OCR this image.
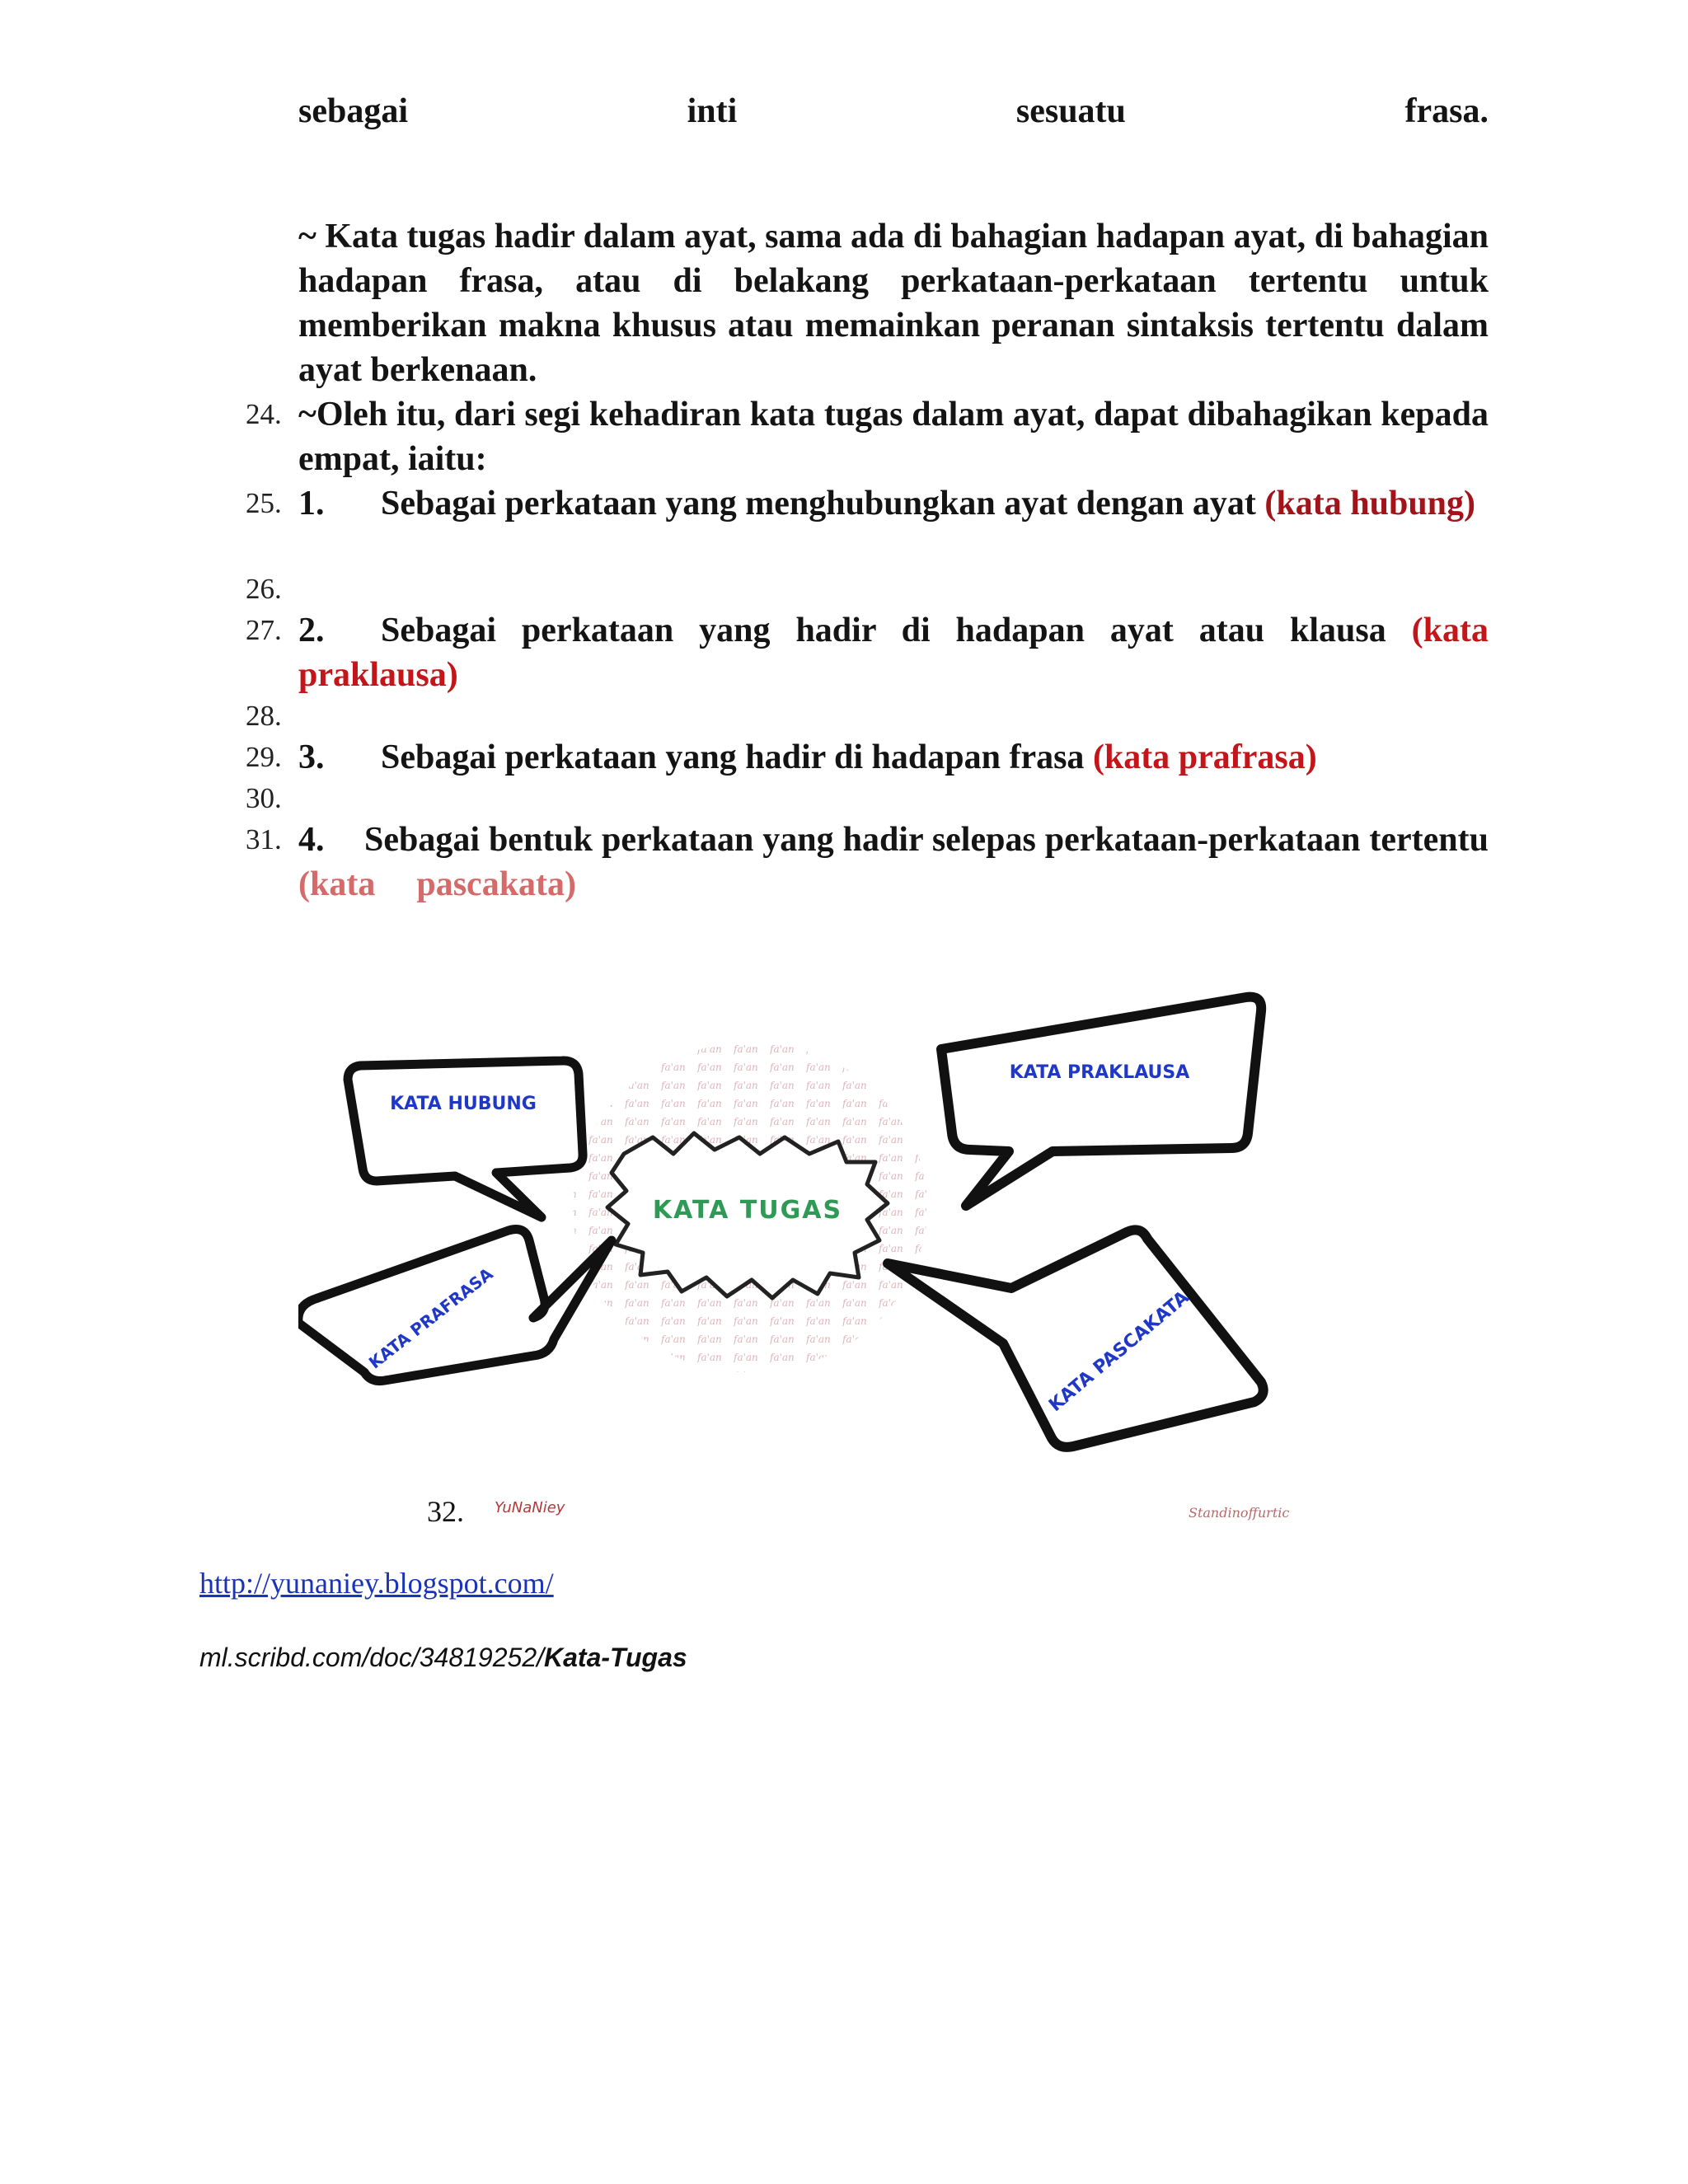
sebagai	inti	sesuatu	frasa.
~ Kata tugas hadir dalam ayat, sama ada di bahagian hadapan ayat, di bahagian hadapan frasa, atau di belakang perkataan-perkataan tertentu untuk memberikan makna khusus atau memainkan peranan sintaksis tertentu dalam ayat berkenaan.
24.
25.
26.
27.
28.
29.
30.
31.
~Oleh itu, dari segi kehadiran kata tugas dalam ayat, dapat dibahagikan kepada empat, iaitu:
1. Sebagai perkataan yang menghubungkan ayat dengan ayat (kata hubung)
2. Sebagai perkataan yang hadir di hadapan ayat atau klausa (kata praklausa)
3. Sebagai perkataan yang hadir di hadapan frasa (kata prafrasa)
4. Sebagai bentuk perkataan yang hadir selepas perkataan-perkataan tertentu (kata pascakata)
KATA TUGAS
KATA HUBUNG
KATA PRAKLAUSA
KATA PRAFRASA	KATA PASCAKATA
YuNaNiey	Standinoffurtic
32.
http://yunaniey.blogspot.com/
ml.scribd.com/doc/34819252/Kata-Tugas
